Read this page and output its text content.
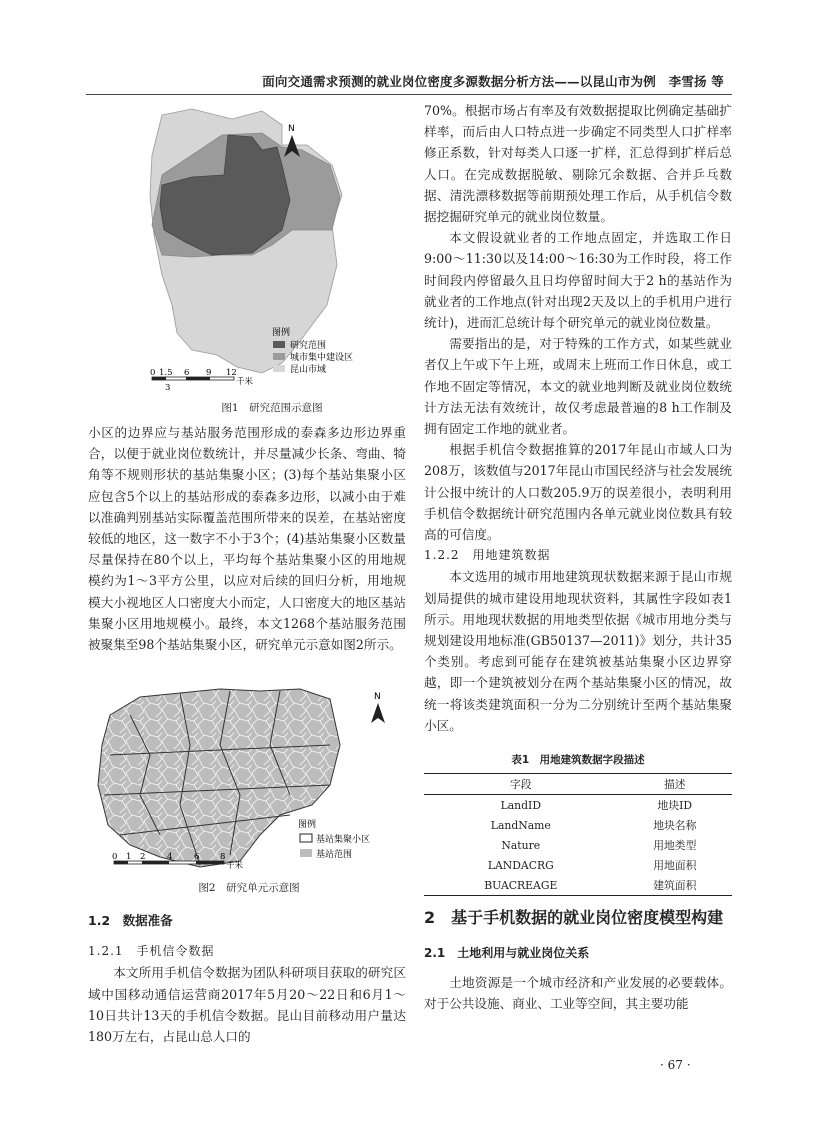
面向交通需求预测的就业岗位密度多源数据分析方法——以昆山市为例　李雪扬 等
N
图例
研究范围
城市集中建设区
昆山市域
0 1.5 6 9 12
3
千米
图1　研究范围示意图

小区的边界应与基站服务范围形成的泰森多边形边界重合，以便于就业岗位数统计，并尽量减少长条、弯曲、犄角等不规则形状的基站集聚小区；(3)每个基站集聚小区应包含5个以上的基站形成的泰森多边形，以减小由于难以准确判别基站实际覆盖范围所带来的误差，在基站密度较低的地区，这一数字不小于3个；(4)基站集聚小区数量尽量保持在80个以上，平均每个基站集聚小区的用地规模约为1～3平方公里，以应对后续的回归分析，用地规模大小视地区人口密度大小而定，人口密度大的地区基站集聚小区用地规模小。最终，本文1268个基站服务范围被聚集至98个基站集聚小区，研究单元示意如图2所示。

N
图例
基站集聚小区
基站范围
0 1 2	4	6 8
千米
图2　研究单元示意图

1.2　数据准备

1.2.1　手机信令数据

本文所用手机信令数据为团队科研项目获取的研究区域中国移动通信运营商2017年5月20～22日和6月1～10日共计13天的手机信令数据。昆山目前移动用户量达180万左右，占昆山总人口的

70%。根据市场占有率及有效数据提取比例确定基础扩样率，而后由人口特点进一步确定不同类型人口扩样率修正系数，针对每类人口逐一扩样，汇总得到扩样后总人口。在完成数据脱敏、剔除冗余数据、合并乒乓数据、清洗漂移数据等前期预处理工作后，从手机信令数据挖掘研究单元的就业岗位数量。

本文假设就业者的工作地点固定，并选取工作日9:00～11:30以及14:00～16:30为工作时段，将工作时间段内停留最久且日均停留时间大于2 h的基站作为就业者的工作地点(针对出现2天及以上的手机用户进行统计)，进而汇总统计每个研究单元的就业岗位数量。

需要指出的是，对于特殊的工作方式，如某些就业者仅上午或下午上班，或周末上班而工作日休息，或工作地不固定等情况，本文的就业地判断及就业岗位数统计方法无法有效统计，故仅考虑最普遍的8 h工作制及拥有固定工作地的就业者。

根据手机信令数据推算的2017年昆山市域人口为208万，该数值与2017年昆山市国民经济与社会发展统计公报中统计的人口数205.9万的误差很小，表明利用手机信令数据统计研究范围内各单元就业岗位数具有较高的可信度。

1.2.2　用地建筑数据

本文选用的城市用地建筑现状数据来源于昆山市规划局提供的城市建设用地现状资料，其属性字段如表1所示。用地现状数据的用地类型依据《城市用地分类与规划建设用地标准(GB50137—2011)》划分，共计35个类别。考虑到可能存在建筑被基站集聚小区边界穿越，即一个建筑被划分在两个基站集聚小区的情况，故统一将该类建筑面积一分为二分别统计至两个基站集聚小区。

表1　用地建筑数据字段描述
字段	描述
LandID	地块ID
LandName	地块名称
Nature	用地类型
LANDACRG	用地面积
BUACREAGE	建筑面积

2　基于手机数据的就业岗位密度模型构建

2.1　土地利用与就业岗位关系

土地资源是一个城市经济和产业发展的必要载体。对于公共设施、商业、工业等空间，其主要功能

· 67 ·
